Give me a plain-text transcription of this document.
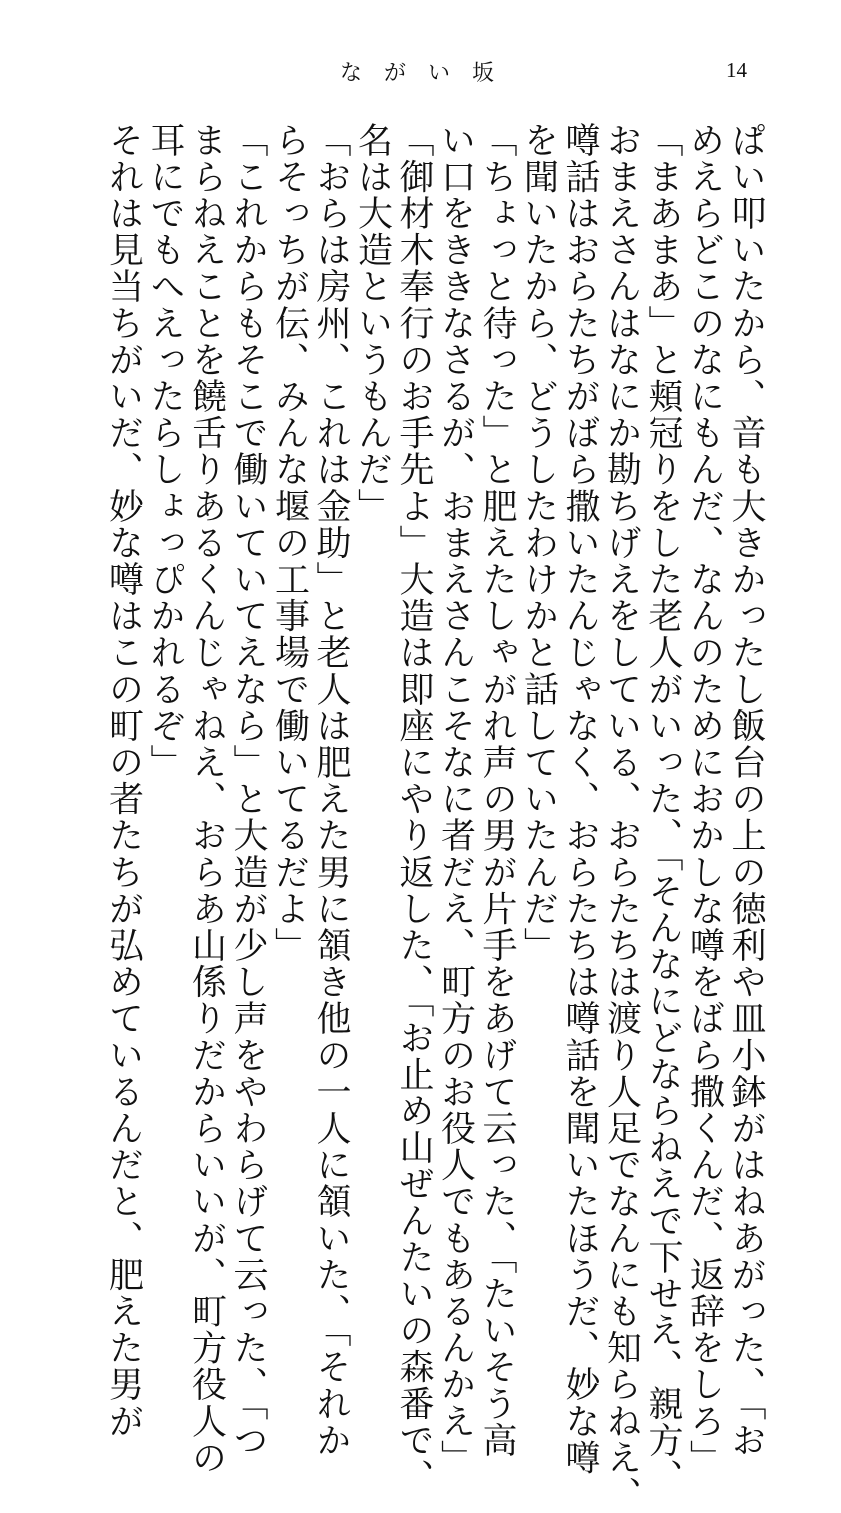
ながい坂	14
ぱい叩いたから、音も大きかったし飯台の上の徳利や皿小鉢がはねあがった、「お
めえらどこのなにもんだ、なんのためにおかしな噂をばら撒くんだ、返辞をしろ」
「まあまあ」と頬冠りをした老人がいった、「そんなにどならねえで下せえ、親方、
おまえさんはなにか勘ちげえをしている、おらたちは渡り人足でなんにも知らねえ、
噂話はおらたちがばら撒いたんじゃなく、おらたちは噂話を聞いたほうだ、妙な噂
を聞いたから、どうしたわけかと話していたんだ」
「ちょっと待った」と肥えたしゃがれ声の男が片手をあげて云った、「たいそう高
い口をききなさるが、おまえさんこそなに者だえ、町方のお役人でもあるんかえ」
「御材木奉行のお手先よ」大造は即座にやり返した、「お止め山ぜんたいの森番で、
名は大造というもんだ」
「おらは房州、これは金助」と老人は肥えた男に頷き他の一人に頷いた、「それか
らそっちが伝、みんな堰の工事場で働いてるだよ」
「これからもそこで働いていてえなら」と大造が少し声をやわらげて云った、「つ
まらねえことを饒舌りあるくんじゃねえ、おらあ山係りだからいいが、町方役人の
耳にでもへえったらしょっぴかれるぞ」
それは見当ちがいだ、妙な噂はこの町の者たちが弘めているんだと、肥えた男が
